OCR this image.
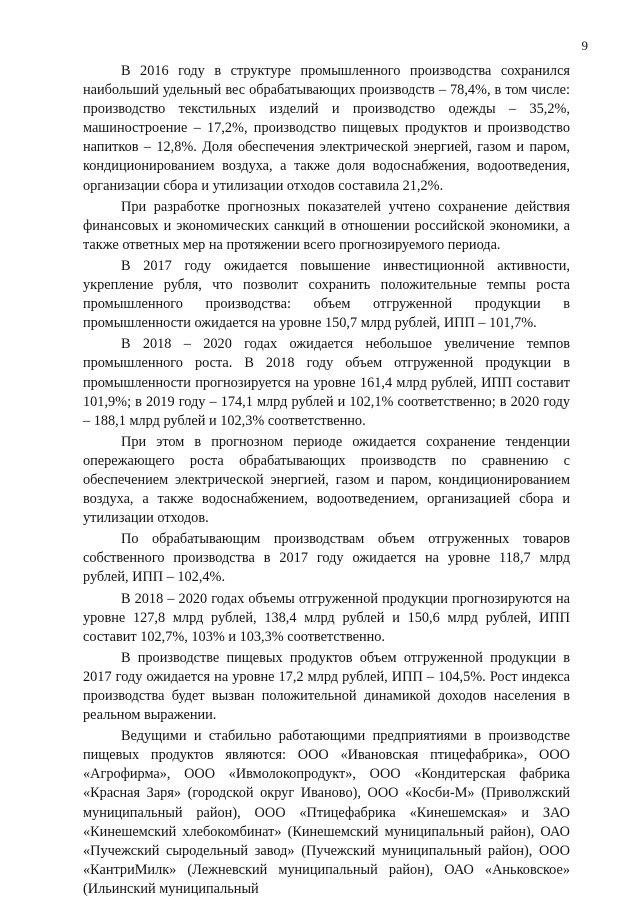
9

В 2016 году в структуре промышленного производства сохранился наибольший удельный вес обрабатывающих производств – 78,4%, в том числе: производство текстильных изделий и производство одежды – 35,2%, машиностроение – 17,2%, производство пищевых продуктов и производство напитков – 12,8%. Доля обеспечения электрической энергией, газом и паром, кондиционированием воздуха, а также доля водоснабжения, водоотведения, организации сбора и утилизации отходов составила 21,2%.

При разработке прогнозных показателей учтено сохранение действия финансовых и экономических санкций в отношении российской экономики, а также ответных мер на протяжении всего прогнозируемого периода.

В 2017 году ожидается повышение инвестиционной активности, укрепление рубля, что позволит сохранить положительные темпы роста промышленного производства: объем отгруженной продукции в промышленности ожидается на уровне 150,7 млрд рублей, ИПП – 101,7%.

В 2018 – 2020 годах ожидается небольшое увеличение темпов промышленного роста. В 2018 году объем отгруженной продукции в промышленности прогнозируется на уровне 161,4 млрд рублей, ИПП составит 101,9%; в 2019 году – 174,1 млрд рублей и 102,1% соответственно; в 2020 году – 188,1 млрд рублей и 102,3% соответственно.

При этом в прогнозном периоде ожидается сохранение тенденции опережающего роста обрабатывающих производств по сравнению с обеспечением электрической энергией, газом и паром, кондиционированием воздуха, а также водоснабжением, водоотведением, организацией сбора и утилизации отходов.

По обрабатывающим производствам объем отгруженных товаров собственного производства в 2017 году ожидается на уровне 118,7 млрд рублей, ИПП – 102,4%.

В 2018 – 2020 годах объемы отгруженной продукции прогнозируются на уровне 127,8 млрд рублей, 138,4 млрд рублей и 150,6 млрд рублей, ИПП составит 102,7%, 103% и 103,3% соответственно.

В производстве пищевых продуктов объем отгруженной продукции в 2017 году ожидается на уровне 17,2 млрд рублей, ИПП – 104,5%. Рост индекса производства будет вызван положительной динамикой доходов населения в реальном выражении.

Ведущими и стабильно работающими предприятиями в производстве пищевых продуктов являются: ООО «Ивановская птицефабрика», ООО «Агрофирма», ООО «Ивмолокопродукт», ООО «Кондитерская фабрика «Красная Заря» (городской округ Иваново), ООО «Косби-М» (Приволжский муниципальный район), ООО «Птицефабрика «Кинешемская» и ЗАО «Кинешемский хлебокомбинат» (Кинешемский муниципальный район), ОАО «Пучежский сыродельный завод» (Пучежский муниципальный район), ООО «КантриМилк» (Лежневский муниципальный район), ОАО «Аньковское» (Ильинский муниципальный
